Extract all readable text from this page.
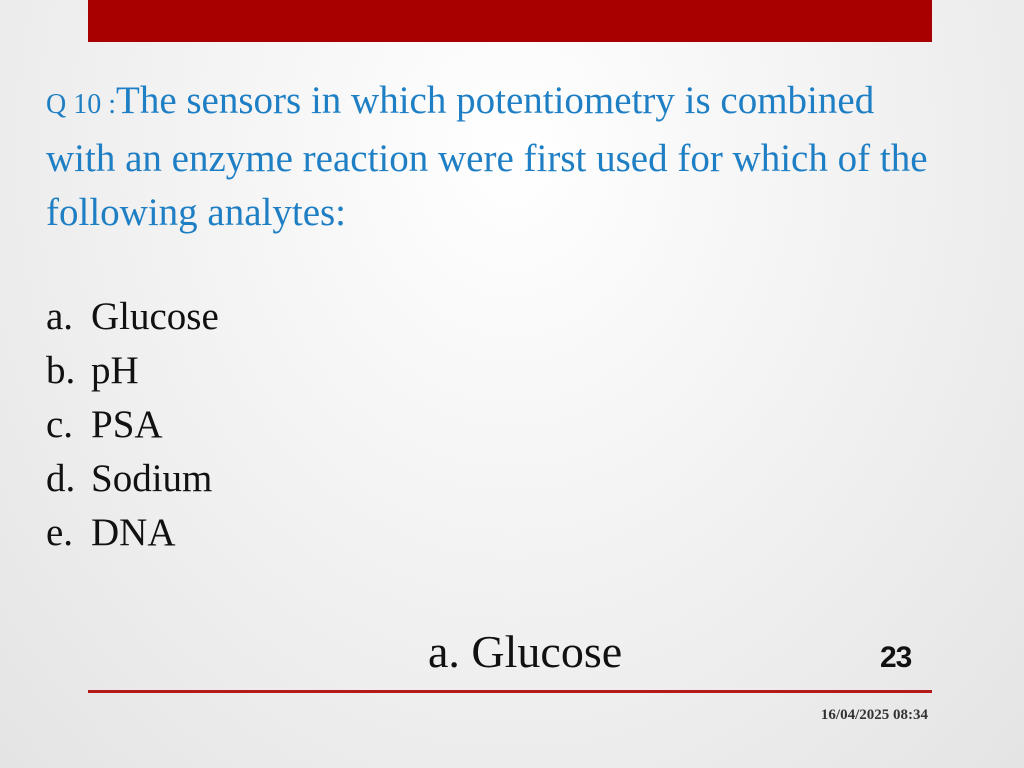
Q 10 :The sensors in which potentiometry is combined with an enzyme reaction were first used for which of the following analytes:
a. Glucose
b. pH
c. PSA
d. Sodium
e. DNA
a. Glucose	23
16/04/2025 08:34
